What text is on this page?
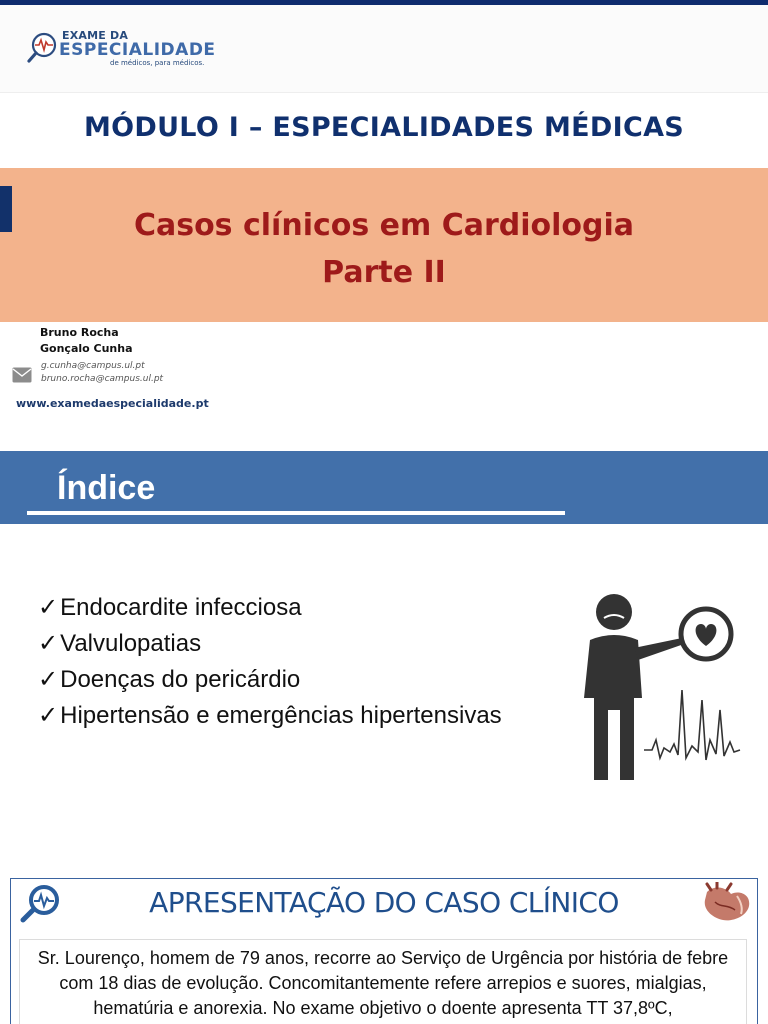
EXAME DA
ESPECIALIDADE
de médicos, para médicos.
MÓDULO I – ESPECIALIDADES MÉDICAS
Casos clínicos em Cardiologia
Parte II
Bruno Rocha
Gonçalo Cunha
g.cunha@campus.ul.pt
bruno.rocha@campus.ul.pt
www.examedaespecialidade.pt
Índice
✓Endocardite infecciosa
✓Valvulopatias
✓Doenças do pericárdio
✓Hipertensão e emergências hipertensivas
APRESENTAÇÃO DO CASO CLÍNICO
Sr. Lourenço, homem de 79 anos, recorre ao Serviço de Urgência por história de febre com 18 dias de evolução. Concomitantemente refere arrepios e suores, mialgias, hematúria e anorexia. No exame objetivo o doente apresenta TT 37,8ºC,
